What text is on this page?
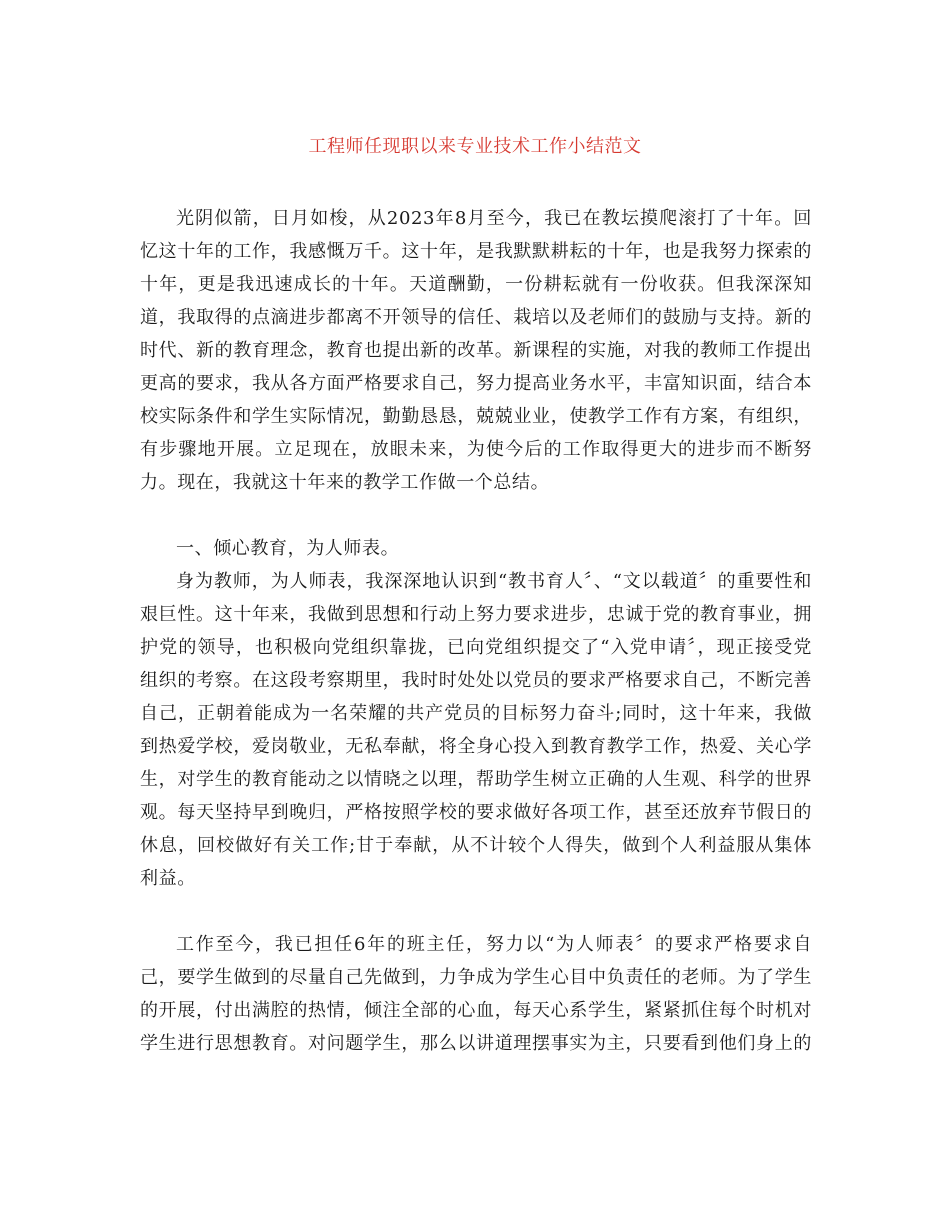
工程师任现职以来专业技术工作小结范文
光阴似箭，日月如梭，从2023年8月至今，我已在教坛摸爬滚打了十年。回
忆这十年的工作，我感慨万千。这十年，是我默默耕耘的十年，也是我努力探索的
十年，更是我迅速成长的十年。天道酬勤，一份耕耘就有一份收获。但我深深知
道，我取得的点滴进步都离不开领导的信任、栽培以及老师们的鼓励与支持。新的
时代、新的教育理念，教育也提出新的改革。新课程的实施，对我的教师工作提出
更高的要求，我从各方面严格要求自己，努力提高业务水平，丰富知识面，结合本
校实际条件和学生实际情况，勤勤恳恳，兢兢业业，使教学工作有方案，有组织，
有步骤地开展。立足现在，放眼未来，为使今后的工作取得更大的进步而不断努
力。现在，我就这十年来的教学工作做一个总结。
一、倾心教育，为人师表。
身为教师，为人师表，我深深地认识到“教书育人〞、“文以载道〞的重要性和
艰巨性。这十年来，我做到思想和行动上努力要求进步，忠诚于党的教育事业，拥
护党的领导，也积极向党组织靠拢，已向党组织提交了“入党申请〞，现正接受党
组织的考察。在这段考察期里，我时时处处以党员的要求严格要求自己，不断完善
自己，正朝着能成为一名荣耀的共产党员的目标努力奋斗;同时，这十年来，我做
到热爱学校，爱岗敬业，无私奉献，将全身心投入到教育教学工作，热爱、关心学
生，对学生的教育能动之以情晓之以理，帮助学生树立正确的人生观、科学的世界
观。每天坚持早到晚归，严格按照学校的要求做好各项工作，甚至还放弃节假日的
休息，回校做好有关工作;甘于奉献，从不计较个人得失，做到个人利益服从集体
利益。
工作至今，我已担任6年的班主任，努力以“为人师表〞的要求严格要求自
己，要学生做到的尽量自己先做到，力争成为学生心目中负责任的老师。为了学生
的开展，付出满腔的热情，倾注全部的心血，每天心系学生，紧紧抓住每个时机对
学生进行思想教育。对问题学生，那么以讲道理摆事实为主，只要看到他们身上的
